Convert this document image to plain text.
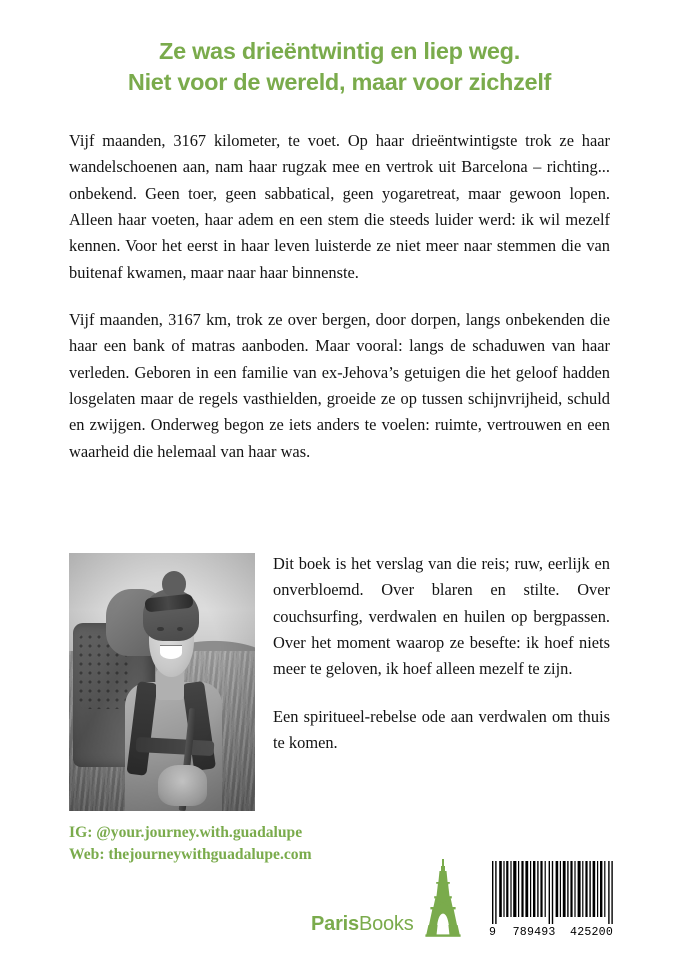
Ze was drieëntwintig en liep weg.
Niet voor de wereld, maar voor zichzelf

Vijf maanden, 3167 kilometer, te voet. Op haar drieëntwintigste trok ze haar wandelschoenen aan, nam haar rugzak mee en vertrok uit Barcelona – richting... onbekend. Geen toer, geen sabbatical, geen yogaretreat, maar gewoon lopen. Alleen haar voeten, haar adem en een stem die steeds luider werd: ik wil mezelf kennen. Voor het eerst in haar leven luisterde ze niet meer naar stemmen die van buitenaf kwamen, maar naar haar binnenste.

Vijf maanden, 3167 km, trok ze over bergen, door dorpen, langs onbekenden die haar een bank of matras aanboden. Maar vooral: langs de schaduwen van haar verleden. Geboren in een familie van ex-Jehova’s getuigen die het geloof hadden losgelaten maar de regels vasthielden, groeide ze op tussen schijnvrijheid, schuld en zwijgen. Onderweg begon ze iets anders te voelen: ruimte, vertrouwen en een waarheid die helemaal van haar was.

Dit boek is het verslag van die reis; ruw, eerlijk en onverbloemd. Over blaren en stilte. Over couchsurfing, verdwalen en huilen op bergpassen. Over het moment waarop ze besefte: ik hoef niets meer te geloven, ik hoef alleen mezelf te zijn.

Een spiritueel-rebelse ode aan verdwalen om thuis te komen.

IG: @your.journey.with.guadalupe
Web: thejourneywithguadalupe.com
ParisBooks	9 789493 425200
